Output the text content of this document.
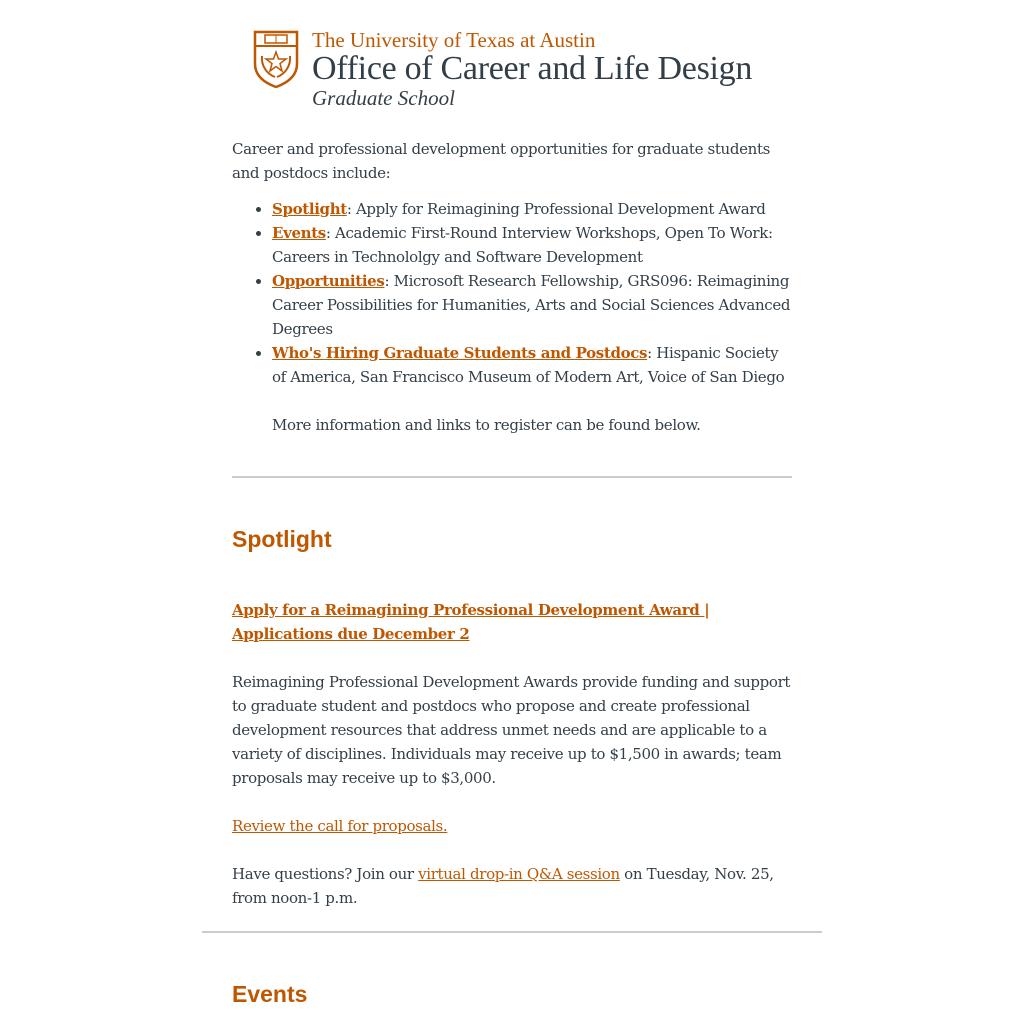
The University of Texas at Austin
Office of Career and Life Design
Graduate School

Career and professional development opportunities for graduate students and postdocs include:

• Spotlight: Apply for Reimagining Professional Development Award
• Events: Academic First-Round Interview Workshops, Open To Work: Careers in Technololgy and Software Development
• Opportunities: Microsoft Research Fellowship, GRS096: Reimagining Career Possibilities for Humanities, Arts and Social Sciences Advanced Degrees
• Who's Hiring Graduate Students and Postdocs: Hispanic Society of America, San Francisco Museum of Modern Art, Voice of San Diego

More information and links to register can be found below.

Spotlight

Apply for a Reimagining Professional Development Award | Applications due December 2

Reimagining Professional Development Awards provide funding and support to graduate student and postdocs who propose and create professional development resources that address unmet needs and are applicable to a variety of disciplines. Individuals may receive up to $1,500 in awards; team proposals may receive up to $3,000.

Review the call for proposals.

Have questions? Join our virtual drop-in Q&A session on Tuesday, Nov. 25, from noon-1 p.m.

Events
